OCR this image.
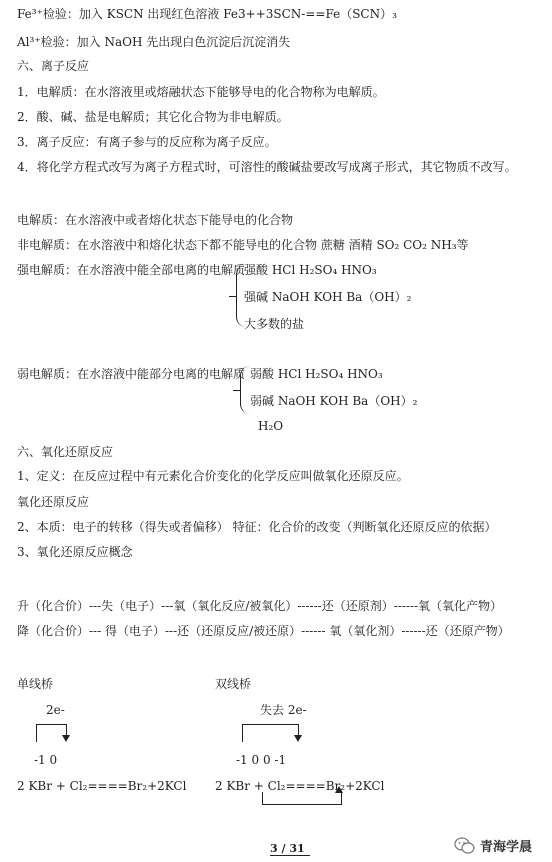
Fe³⁺检验：加入 KSCN 出现红色溶液 Fe3++3SCN-==Fe（SCN）₃
Al³⁺检验：加入 NaOH 先出现白色沉淀后沉淀消失
六、离子反应
1．电解质：在水溶液里或熔融状态下能够导电的化合物称为电解质。
2．酸、碱、盐是电解质；其它化合物为非电解质。
3．离子反应：有离子参与的反应称为离子反应。
4．将化学方程式改写为离子方程式时，可溶性的酸碱盐要改写成离子形式，其它物质不改写。
电解质：在水溶液中或者熔化状态下能导电的化合物
非电解质：在水溶液中和熔化状态下都不能导电的化合物 蔗糖 酒精 SO₂ CO₂ NH₃等
强电解质：在水溶液中能全部电离的电解质
强酸 HCl H₂SO₄ HNO₃
强碱 NaOH KOH Ba（OH）₂
大多数的盐
弱电解质：在水溶液中能部分电离的电解质 弱酸 HCl H₂SO₄ HNO₃
弱碱 NaOH KOH Ba（OH）₂
H₂O
六、氧化还原反应
1、定义：在反应过程中有元素化合价变化的化学反应叫做氧化还原反应。
氧化还原反应
2、本质：电子的转移（得失或者偏移） 特征：化合价的改变（判断氧化还原反应的依据）
3、氧化还原反应概念
升（化合价）---失（电子）---氧（氧化反应/被氧化）------还（还原剂）------氧（氧化产物）
降（化合价）--- 得（电子）---还（还原反应/被还原）------ 氧（氧化剂）------还（还原产物）
单线桥	双线桥
2e-
-1 0
2 KBr + Cl₂====Br₂+2KCl
失去 2e-
-1 0 0 -1
2 KBr + Cl₂====Br₂+2KCl
3 / 31	青海学晨
